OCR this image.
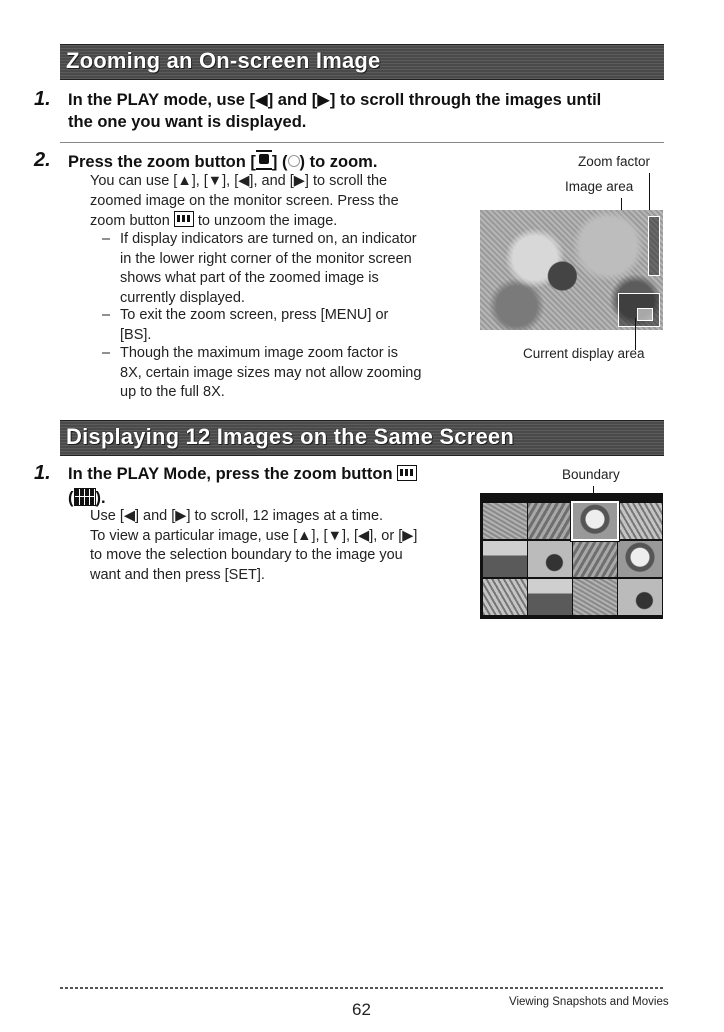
Zooming an On-screen Image
1. In the PLAY mode, use [◀] and [▶] to scroll through the images until
the one you want is displayed.
2. Press the zoom button [ ] ( ) to zoom.
You can use [▲], [▼], [◀], and [▶] to scroll the
zoomed image on the monitor screen. Press the
zoom button  to unzoom the image.
– If display indicators are turned on, an indicator
in the lower right corner of the monitor screen
shows what part of the zoomed image is
currently displayed.
– To exit the zoom screen, press [MENU] or
[BS].
– Though the maximum image zoom factor is
8X, certain image sizes may not allow zooming
up to the full 8X.
Zoom factor
Image area
Current display area
Displaying 12 Images on the Same Screen
1. In the PLAY Mode, press the zoom button
( ).
Use [◀] and [▶] to scroll, 12 images at a time.
To view a particular image, use [▲], [▼], [◀], or [▶]
to move the selection boundary to the image you
want and then press [SET].
Boundary
62	Viewing Snapshots and Movies
